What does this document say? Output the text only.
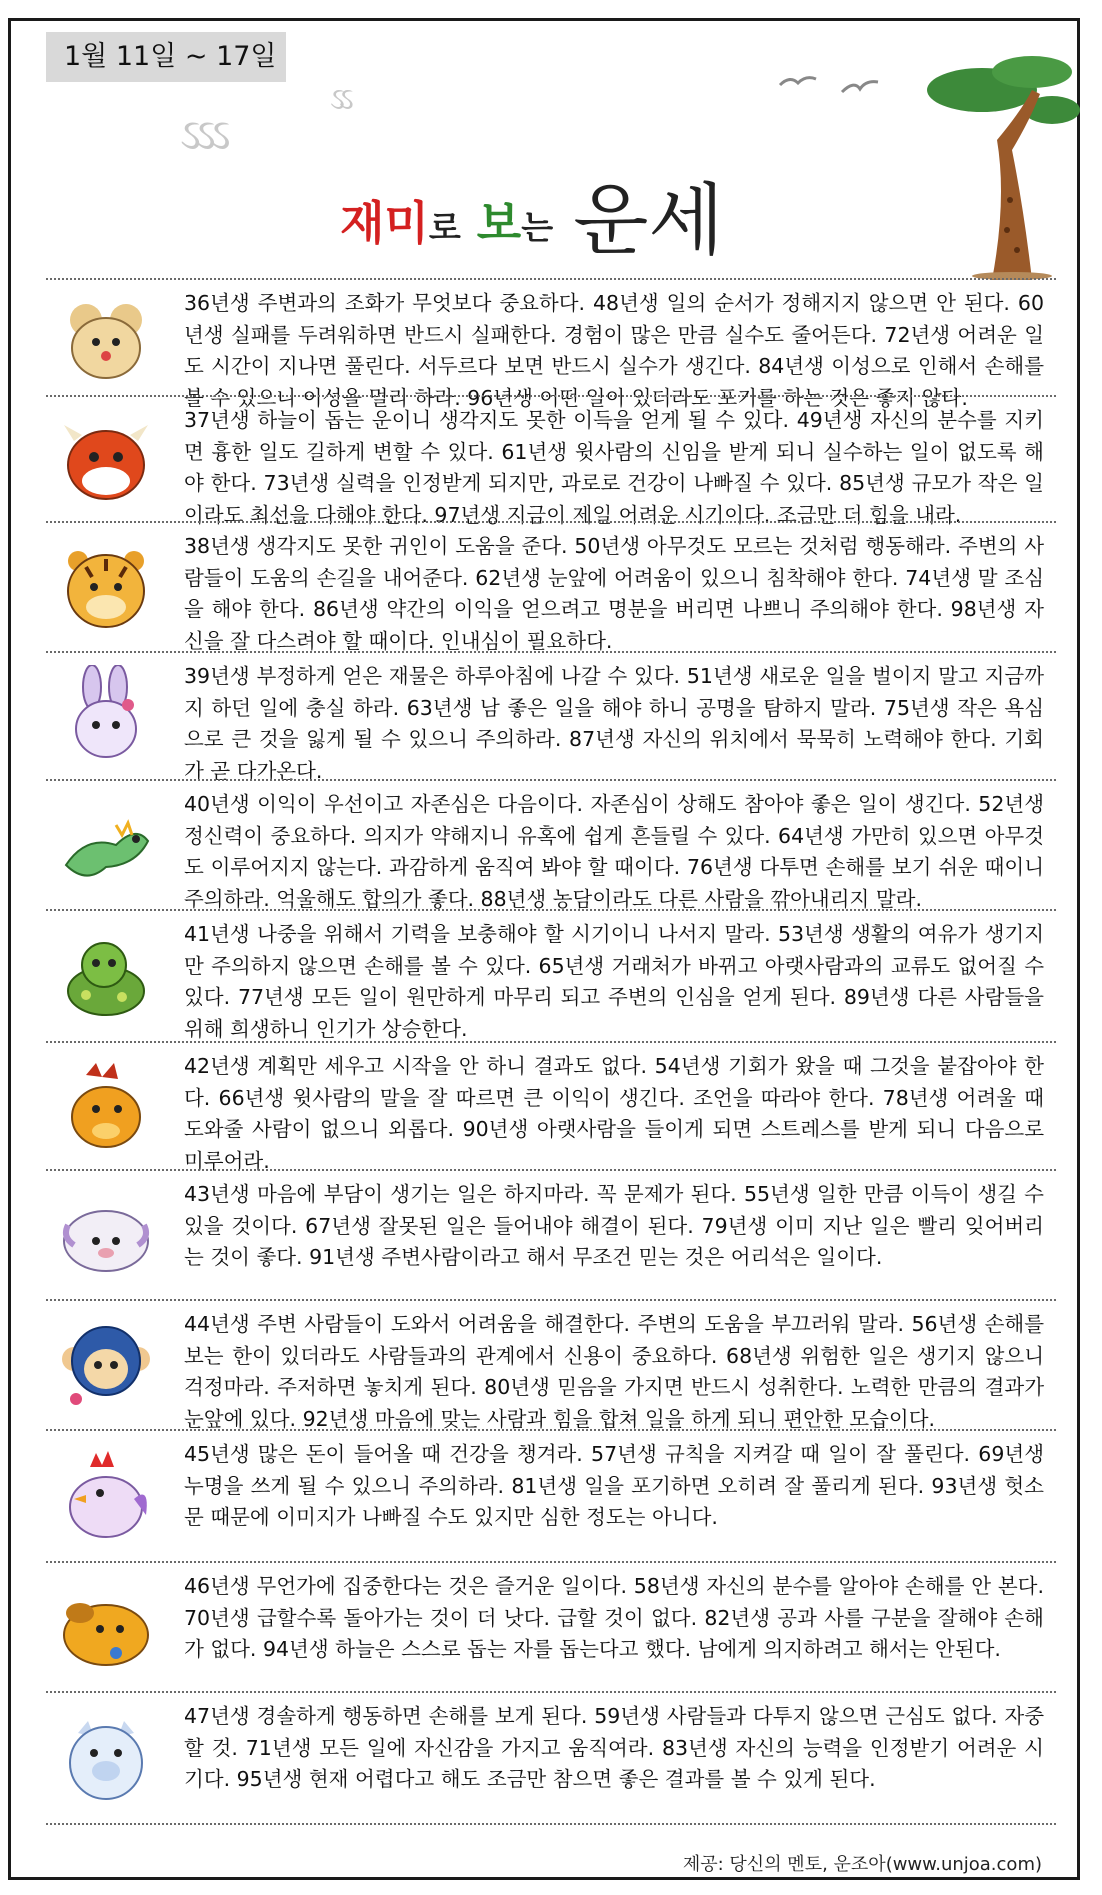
1월 11일 ~ 17일
ઽઽઽ
ઽઽ
재미로 보는 운세
36년생 주변과의 조화가 무엇보다 중요하다. 48년생 일의 순서가 정해지지 않으면 안 된다. 60년생 실패를 두려워하면 반드시 실패한다. 경험이 많은 만큼 실수도 줄어든다. 72년생 어려운 일도 시간이 지나면 풀린다. 서두르다 보면 반드시 실수가 생긴다. 84년생 이성으로 인해서 손해를 볼 수 있으니 이성을 멀리 하라. 96년생 어떤 일이 있더라도 포기를 하는 것은 좋지 않다.
37년생 하늘이 돕는 운이니 생각지도 못한 이득을 얻게 될 수 있다. 49년생 자신의 분수를 지키면 흉한 일도 길하게 변할 수 있다. 61년생 윗사람의 신임을 받게 되니 실수하는 일이 없도록 해야 한다. 73년생 실력을 인정받게 되지만, 과로로 건강이 나빠질 수 있다. 85년생 규모가 작은 일이라도 최선을 다해야 한다. 97년생 지금이 제일 어려운 시기이다. 조금만 더 힘을 내라.
38년생 생각지도 못한 귀인이 도움을 준다. 50년생 아무것도 모르는 것처럼 행동해라. 주변의 사람들이 도움의 손길을 내어준다. 62년생 눈앞에 어려움이 있으니 침착해야 한다. 74년생 말 조심을 해야 한다. 86년생 약간의 이익을 얻으려고 명분을 버리면 나쁘니 주의해야 한다. 98년생 자신을 잘 다스려야 할 때이다. 인내심이 필요하다.
39년생 부정하게 얻은 재물은 하루아침에 나갈 수 있다. 51년생 새로운 일을 벌이지 말고 지금까지 하던 일에 충실 하라. 63년생 남 좋은 일을 해야 하니 공명을 탐하지 말라. 75년생 작은 욕심으로 큰 것을 잃게 될 수 있으니 주의하라. 87년생 자신의 위치에서 묵묵히 노력해야 한다. 기회가 곧 다가온다.
40년생 이익이 우선이고 자존심은 다음이다. 자존심이 상해도 참아야 좋은 일이 생긴다. 52년생 정신력이 중요하다. 의지가 약해지니 유혹에 쉽게 흔들릴 수 있다. 64년생 가만히 있으면 아무것도 이루어지지 않는다. 과감하게 움직여 봐야 할 때이다. 76년생 다투면 손해를 보기 쉬운 때이니 주의하라. 억울해도 합의가 좋다. 88년생 농담이라도 다른 사람을 깎아내리지 말라.
41년생 나중을 위해서 기력을 보충해야 할 시기이니 나서지 말라. 53년생 생활의 여유가 생기지만 주의하지 않으면 손해를 볼 수 있다. 65년생 거래처가 바뀌고 아랫사람과의 교류도 없어질 수 있다. 77년생 모든 일이 원만하게 마무리 되고 주변의 인심을 얻게 된다. 89년생 다른 사람들을 위해 희생하니 인기가 상승한다.
42년생 계획만 세우고 시작을 안 하니 결과도 없다. 54년생 기회가 왔을 때 그것을 붙잡아야 한다. 66년생 윗사람의 말을 잘 따르면 큰 이익이 생긴다. 조언을 따라야 한다. 78년생 어려울 때 도와줄 사람이 없으니 외롭다. 90년생 아랫사람을 들이게 되면 스트레스를 받게 되니 다음으로 미루어라.
43년생 마음에 부담이 생기는 일은 하지마라. 꼭 문제가 된다. 55년생 일한 만큼 이득이 생길 수 있을 것이다. 67년생 잘못된 일은 들어내야 해결이 된다. 79년생 이미 지난 일은 빨리 잊어버리는 것이 좋다. 91년생 주변사람이라고 해서 무조건 믿는 것은 어리석은 일이다.
44년생 주변 사람들이 도와서 어려움을 해결한다. 주변의 도움을 부끄러워 말라. 56년생 손해를 보는 한이 있더라도 사람들과의 관계에서 신용이 중요하다. 68년생 위험한 일은 생기지 않으니 걱정마라. 주저하면 놓치게 된다. 80년생 믿음을 가지면 반드시 성취한다. 노력한 만큼의 결과가 눈앞에 있다. 92년생 마음에 맞는 사람과 힘을 합쳐 일을 하게 되니 편안한 모습이다.
45년생 많은 돈이 들어올 때 건강을 챙겨라. 57년생 규칙을 지켜갈 때 일이 잘 풀린다. 69년생 누명을 쓰게 될 수 있으니 주의하라. 81년생 일을 포기하면 오히려 잘 풀리게 된다. 93년생 헛소문 때문에 이미지가 나빠질 수도 있지만 심한 정도는 아니다.
46년생 무언가에 집중한다는 것은 즐거운 일이다. 58년생 자신의 분수를 알아야 손해를 안 본다. 70년생 급할수록 돌아가는 것이 더 낫다. 급할 것이 없다. 82년생 공과 사를 구분을 잘해야 손해가 없다. 94년생 하늘은 스스로 돕는 자를 돕는다고 했다. 남에게 의지하려고 해서는 안된다.
47년생 경솔하게 행동하면 손해를 보게 된다. 59년생 사람들과 다투지 않으면 근심도 없다. 자중할 것. 71년생 모든 일에 자신감을 가지고 움직여라. 83년생 자신의 능력을 인정받기 어려운 시기다. 95년생 현재 어렵다고 해도 조금만 참으면 좋은 결과를 볼 수 있게 된다.
제공: 당신의 멘토, 운조아(www.unjoa.com)
